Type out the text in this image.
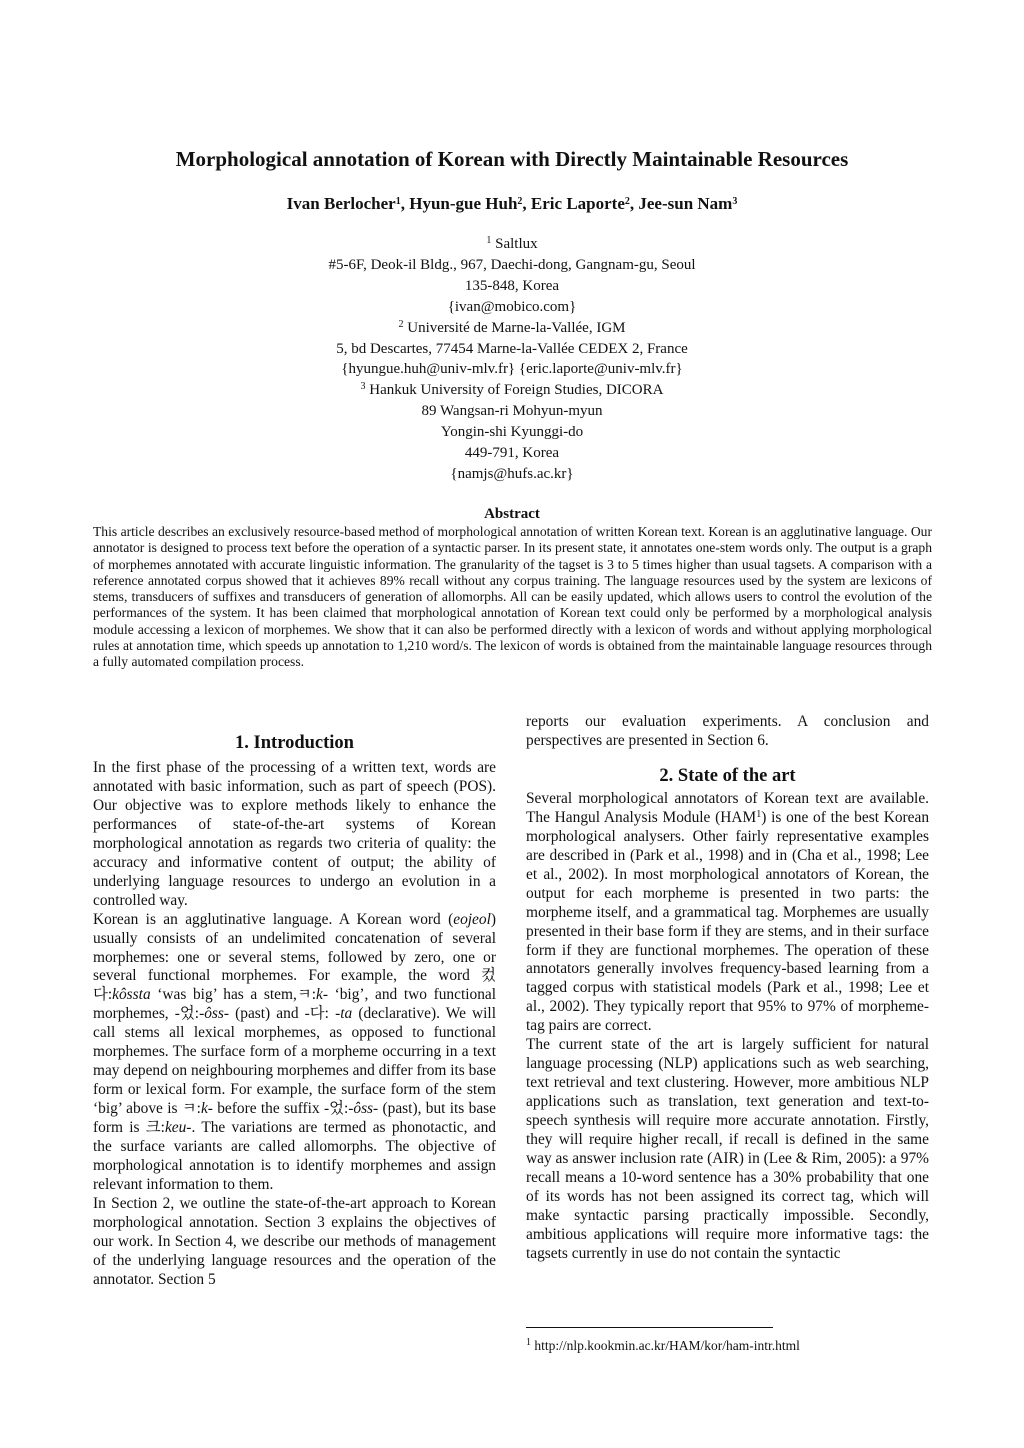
Morphological annotation of Korean with Directly Maintainable Resources
Ivan Berlocher$^1$, Hyun-gue Huh$^2$, Eric Laporte$^2$, Jee-sun Nam$^3$
$^1$ Saltlux
#5-6F, Deok-il Bldg., 967, Daechi-dong, Gangnam-gu, Seoul
135-848, Korea
{ivan@mobico.com}
$^2$ Université de Marne-la-Vallée, IGM
5, bd Descartes, 77454 Marne-la-Vallée CEDEX 2, France
{hyungue.huh@univ-mlv.fr} {eric.laporte@univ-mlv.fr}
$^3$ Hankuk University of Foreign Studies, DICORA
89 Wangsan-ri Mohyun-myun
Yongin-shi Kyunggi-do
449-791, Korea
{namjs@hufs.ac.kr}
Abstract
This article describes an exclusively resource-based method of morphological annotation of written Korean text. Korean is an agglutinative language. Our annotator is designed to process text before the operation of a syntactic parser. In its present state, it annotates one-stem words only. The output is a graph of morphemes annotated with accurate linguistic information. The granularity of the tagset is 3 to 5 times higher than usual tagsets. A comparison with a reference annotated corpus showed that it achieves 89% recall without any corpus training. The language resources used by the system are lexicons of stems, transducers of suffixes and transducers of generation of allomorphs. All can be easily updated, which allows users to control the evolution of the performances of the system. It has been claimed that morphological annotation of Korean text could only be performed by a morphological analysis module accessing a lexicon of morphemes. We show that it can also be performed directly with a lexicon of words and without applying morphological rules at annotation time, which speeds up annotation to 1,210 word/s. The lexicon of words is obtained from the maintainable language resources through a fully automated compilation process.
1. Introduction

In the first phase of the processing of a written text, words are annotated with basic information, such as part of speech (POS). Our objective was to explore methods likely to enhance the performances of state-of-the-art systems of Korean morphological annotation as regards two criteria of quality: the accuracy and informative content of output; the ability of underlying language resources to undergo an evolution in a controlled way.

Korean is an agglutinative language. A Korean word (eojeol) usually consists of an undelimited concatenation of several morphemes: one or several stems, followed by zero, one or several functional morphemes. For example, the word 컸다:kôssta ‘was big’ has a stem,ㅋ:k- ‘big’, and two functional morphemes, -었:-ôss- (past) and -다: -ta (declarative). We will call stems all lexical morphemes, as opposed to functional morphemes. The surface form of a morpheme occurring in a text may depend on neighbouring morphemes and differ from its base form or lexical form. For example, the surface form of the stem ‘big’ above is ㅋ:k- before the suffix -었:-ôss- (past), but its base form is 크:keu-. The variations are termed as phonotactic, and the surface variants are called allomorphs. The objective of morphological annotation is to identify morphemes and assign relevant information to them.

In Section 2, we outline the state-of-the-art approach to Korean morphological annotation. Section 3 explains the objectives of our work. In Section 4, we describe our methods of management of the underlying language resources and the operation of the annotator. Section 5

reports our evaluation experiments. A conclusion and perspectives are presented in Section 6.

2. State of the art

Several morphological annotators of Korean text are available. The Hangul Analysis Module (HAM$^1$) is one of the best Korean morphological analysers. Other fairly representative examples are described in (Park et al., 1998) and in (Cha et al., 1998; Lee et al., 2002). In most morphological annotators of Korean, the output for each morpheme is presented in two parts: the morpheme itself, and a grammatical tag. Morphemes are usually presented in their base form if they are stems, and in their surface form if they are functional morphemes. The operation of these annotators generally involves frequency-based learning from a tagged corpus with statistical models (Park et al., 1998; Lee et al., 2002). They typically report that 95% to 97% of morpheme-tag pairs are correct.

The current state of the art is largely sufficient for natural language processing (NLP) applications such as web searching, text retrieval and text clustering. However, more ambitious NLP applications such as translation, text generation and text-to-speech synthesis will require more accurate annotation. Firstly, they will require higher recall, if recall is defined in the same way as answer inclusion rate (AIR) in (Lee & Rim, 2005): a 97% recall means a 10-word sentence has a 30% probability that one of its words has not been assigned its correct tag, which will make syntactic parsing practically impossible. Secondly, ambitious applications will require more informative tags: the tagsets currently in use do not contain the syntactic

$^1$ http://nlp.kookmin.ac.kr/HAM/kor/ham-intr.html
